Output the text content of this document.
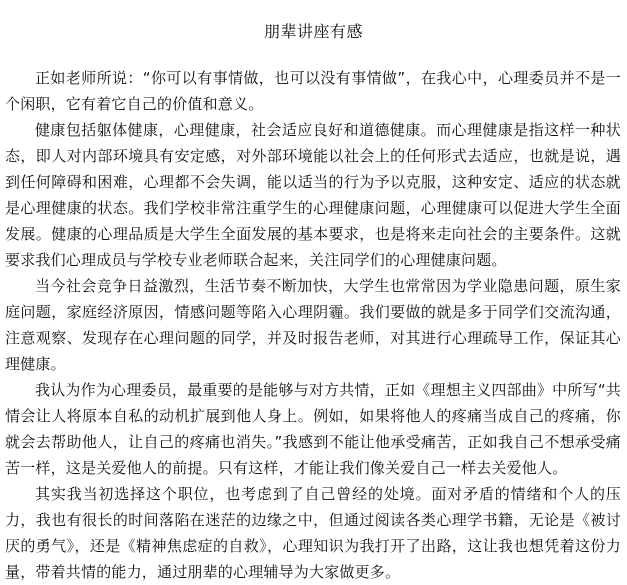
朋辈讲座有感

正如老师所说：“你可以有事情做，也可以没有事情做”，在我心中，心理委员并不是一个闲职，它有着它自己的价值和意义。

健康包括躯体健康，心理健康，社会适应良好和道德健康。而心理健康是指这样一种状态，即人对内部环境具有安定感，对外部环境能以社会上的任何形式去适应，也就是说，遇到任何障碍和困难，心理都不会失调，能以适当的行为予以克服，这种安定、适应的状态就是心理健康的状态。我们学校非常注重学生的心理健康问题，心理健康可以促进大学生全面发展。健康的心理品质是大学生全面发展的基本要求，也是将来走向社会的主要条件。这就要求我们心理成员与学校专业老师联合起来，关注同学们的心理健康问题。

当今社会竞争日益激烈，生活节奏不断加快，大学生也常常因为学业隐患问题，原生家庭问题，家庭经济原因，情感问题等陷入心理阴霾。我们要做的就是多于同学们交流沟通，注意观察、发现存在心理问题的同学，并及时报告老师，对其进行心理疏导工作，保证其心理健康。

我认为作为心理委员，最重要的是能够与对方共情，正如《理想主义四部曲》中所写“共情会让人将原本自私的动机扩展到他人身上。例如，如果将他人的疼痛当成自己的疼痛，你就会去帮助他人，让自己的疼痛也消失。”我感到不能让他承受痛苦，正如我自己不想承受痛苦一样，这是关爱他人的前提。只有这样，才能让我们像关爱自己一样去关爱他人。

其实我当初选择这个职位，也考虑到了自己曾经的处境。面对矛盾的情绪和个人的压力，我也有很长的时间落陷在迷茫的边缘之中，但通过阅读各类心理学书籍，无论是《被讨厌的勇气》，还是《精神焦虑症的自救》，心理知识为我打开了出路，这让我也想凭着这份力量，带着共情的能力，通过朋辈的心理辅导为大家做更多。
